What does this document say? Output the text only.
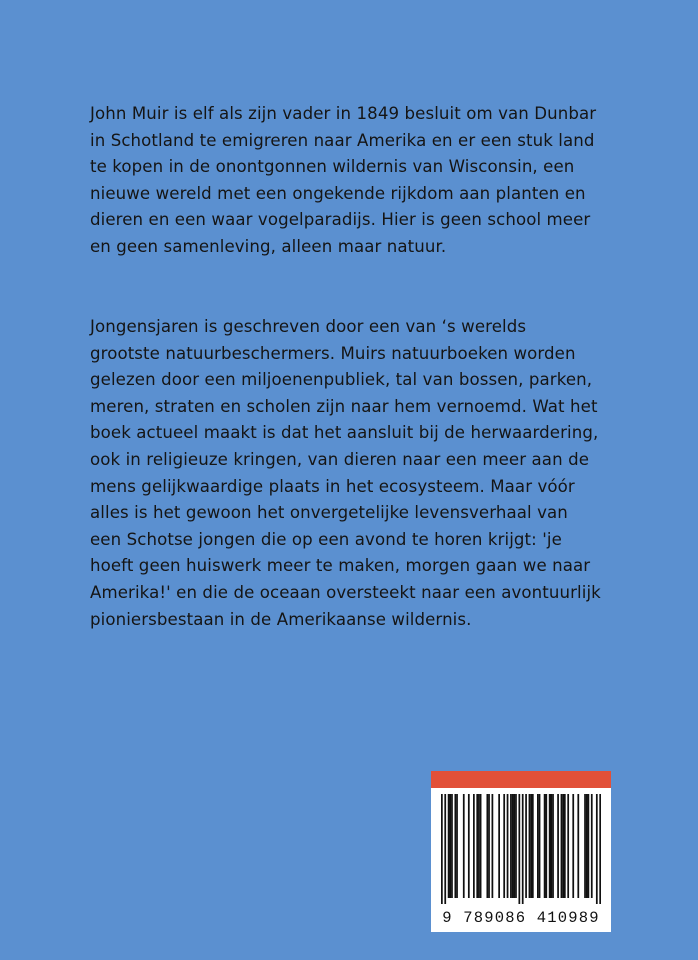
John Muir is elf als zijn vader in 1849 besluit om van Dunbar
in Schotland te emigreren naar Amerika en er een stuk land
te kopen in de onontgonnen wildernis van Wisconsin, een
nieuwe wereld met een ongekende rijkdom aan planten en
dieren en een waar vogelparadijs. Hier is geen school meer
en geen samenleving, alleen maar natuur.
Jongensjaren is geschreven door een van ‘s werelds
grootste natuurbeschermers. Muirs natuurboeken worden
gelezen door een miljoenenpubliek, tal van bossen, parken,
meren, straten en scholen zijn naar hem vernoemd. Wat het
boek actueel maakt is dat het aansluit bij de herwaardering,
ook in religieuze kringen, van dieren naar een meer aan de
mens gelijkwaardige plaats in het ecosysteem. Maar vóór
alles is het gewoon het onvergetelijke levensverhaal van
een Schotse jongen die op een avond te horen krijgt: 'je
hoeft geen huiswerk meer te maken, morgen gaan we naar
Amerika!' en die de oceaan oversteekt naar een avontuurlijk
pioniersbestaan in de Amerikaanse wildernis.
9 789086 410989
